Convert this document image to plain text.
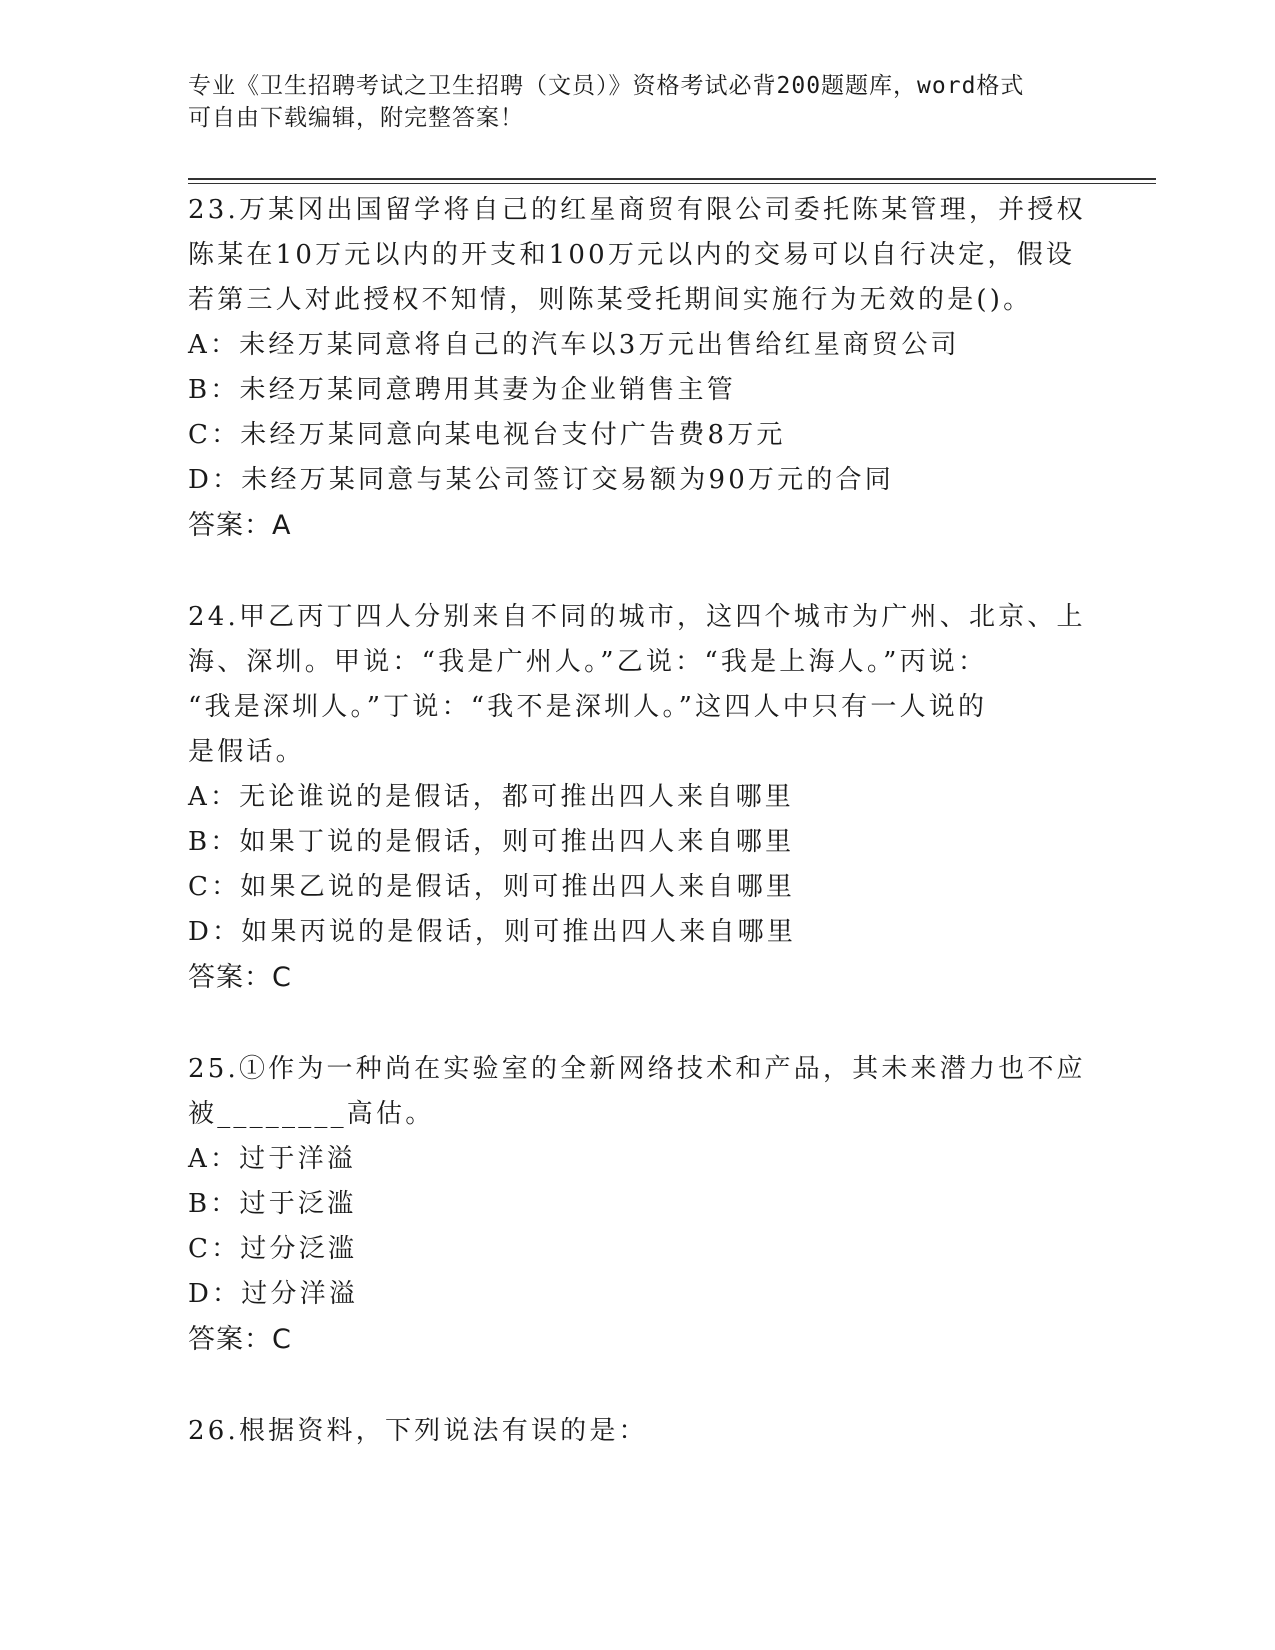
专业《卫生招聘考试之卫生招聘（文员）》资格考试必背200题题库，word格式
可自由下载编辑，附完整答案！
23.万某冈出国留学将自己的红星商贸有限公司委托陈某管理，并授权
陈某在10万元以内的开支和100万元以内的交易可以自行决定，假设
若第三人对此授权不知情，则陈某受托期间实施行为无效的是()。
A：未经万某同意将自己的汽车以3万元出售给红星商贸公司
B：未经万某同意聘用其妻为企业销售主管
C：未经万某同意向某电视台支付广告费8万元
D：未经万某同意与某公司签订交易额为90万元的合同
答案：A
24.甲乙丙丁四人分别来自不同的城市，这四个城市为广州、北京、上
海、深圳。甲说：“我是广州人。”乙说：“我是上海人。”丙说：
“我是深圳人。”丁说：“我不是深圳人。”这四人中只有一人说的
是假话。
A：无论谁说的是假话，都可推出四人来自哪里
B：如果丁说的是假话，则可推出四人来自哪里
C：如果乙说的是假话，则可推出四人来自哪里
D：如果丙说的是假话，则可推出四人来自哪里
答案：C
25.①作为一种尚在实验室的全新网络技术和产品，其未来潜力也不应
被________高估。
A：过于洋溢
B：过于泛滥
C：过分泛滥
D：过分洋溢
答案：C
26.根据资料，下列说法有误的是：
